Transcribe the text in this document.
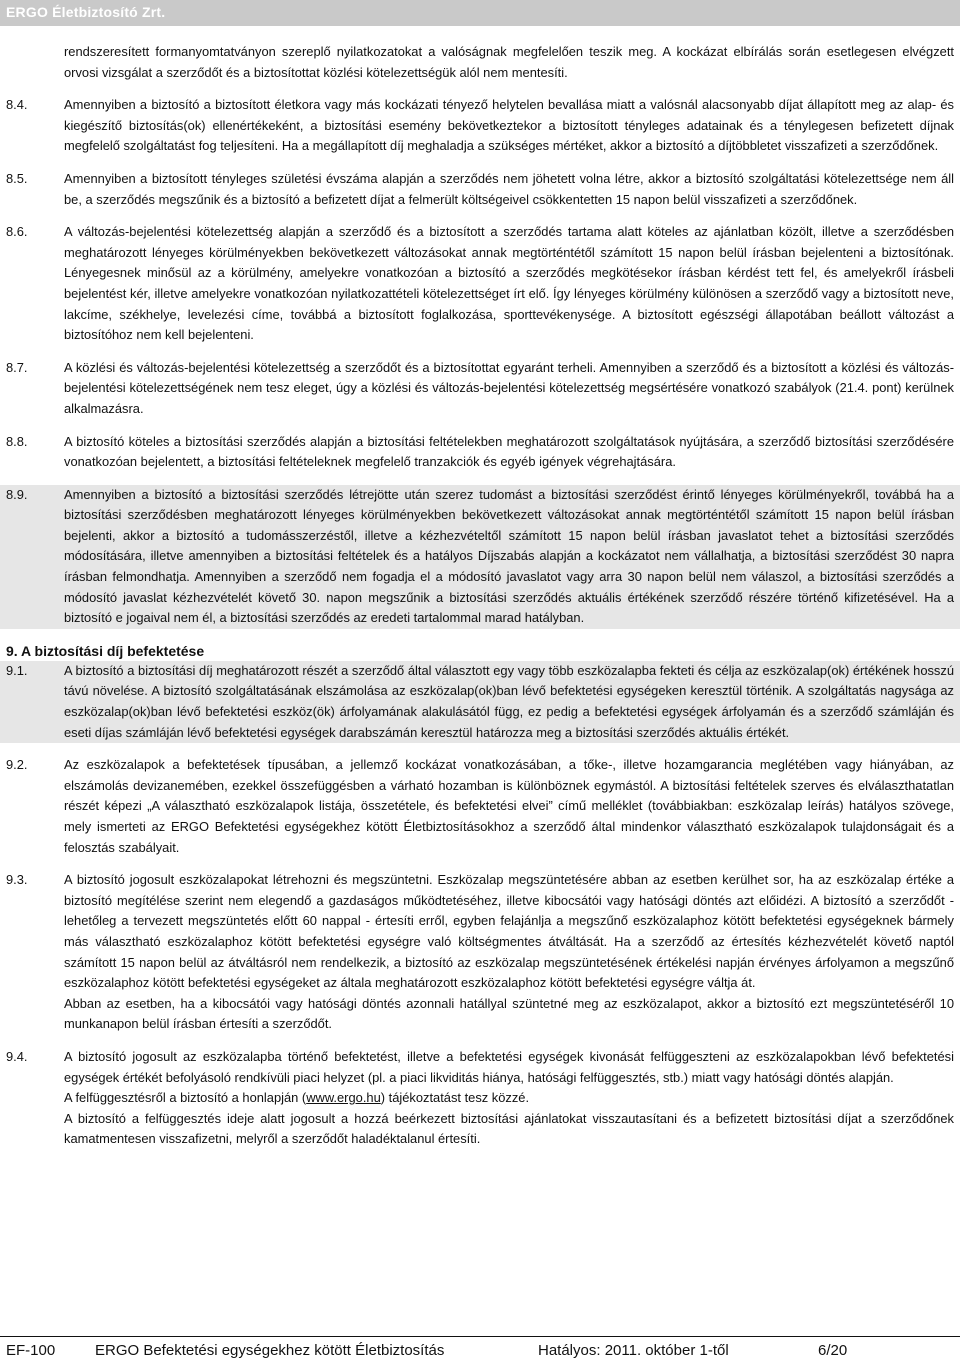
ERGO Életbiztosító Zrt.
rendszeresített formanyomtatványon szereplő nyilatkozatokat a valóságnak megfelelően teszik meg. A kockázat elbírálás során esetlegesen elvégzett orvosi vizsgálat a szerződőt és a biztosítottat közlési kötelezettségük alól nem mentesíti.
8.4.	Amennyiben a biztosító a biztosított életkora vagy más kockázati tényező helytelen bevallása miatt a valósnál alacsonyabb díjat állapított meg az alap- és kiegészítő biztosítás(ok) ellenértékeként, a biztosítási esemény bekövetkeztekor a biztosított tényleges adatainak és a ténylegesen befizetett díjnak megfelelő szolgáltatást fog teljesíteni. Ha a megállapított díj meghaladja a szükséges mértéket, akkor a biztosító a díjtöbbletet visszafizeti a szerződőnek.
8.5.	Amennyiben a biztosított tényleges születési évszáma alapján a szerződés nem jöhetett volna létre, akkor a biztosító szolgáltatási kötelezettsége nem áll be, a szerződés megszűnik és a biztosító a befizetett díjat a felmerült költségeivel csökkentetten 15 napon belül visszafizeti a szerződőnek.
8.6.	A változás-bejelentési kötelezettség alapján a szerződő és a biztosított a szerződés tartama alatt köteles az ajánlatban közölt, illetve a szerződésben meghatározott lényeges körülményekben bekövetkezett változásokat annak megtörténtétől számított 15 napon belül írásban bejelenteni a biztosítónak. Lényegesnek minősül az a körülmény, amelyekre vonatkozóan a biztosító a szerződés megkötésekor írásban kérdést tett fel, és amelyekről írásbeli bejelentést kér, illetve amelyekre vonatkozóan nyilatkozattételi kötelezettséget írt elő. Így lényeges körülmény különösen a szerződő vagy a biztosított neve, lakcíme, székhelye, levelezési címe, továbbá a biztosított foglalkozása, sporttevékenysége. A biztosított egészségi állapotában beállott változást a biztosítóhoz nem kell bejelenteni.
8.7.	A közlési és változás-bejelentési kötelezettség a szerződőt és a biztosítottat egyaránt terheli. Amennyiben a szerződő és a biztosított a közlési és változás-bejelentési kötelezettségének nem tesz eleget, úgy a közlési és változás-bejelentési kötelezettség megsértésére vonatkozó szabályok (21.4. pont) kerülnek alkalmazásra.
8.8.	A biztosító köteles a biztosítási szerződés alapján a biztosítási feltételekben meghatározott szolgáltatások nyújtására, a szerződő biztosítási szerződésére vonatkozóan bejelentett, a biztosítási feltételeknek megfelelő tranzakciók és egyéb igények végrehajtására.
8.9.	Amennyiben a biztosító a biztosítási szerződés létrejötte után szerez tudomást a biztosítási szerződést érintő lényeges körülményekről, továbbá ha a biztosítási szerződésben meghatározott lényeges körülményekben bekövetkezett változásokat annak megtörténtétől számított 15 napon belül írásban bejelenti, akkor a biztosító a tudomásszerzéstől, illetve a kézhezvételtől számított 15 napon belül írásban javaslatot tehet a biztosítási szerződés módosítására, illetve amennyiben a biztosítási feltételek és a hatályos Díjszabás alapján a kockázatot nem vállalhatja, a biztosítási szerződést 30 napra írásban felmondhatja. Amennyiben a szerződő nem fogadja el a módosító javaslatot vagy arra 30 napon belül nem válaszol, a biztosítási szerződés a módosító javaslat kézhezvételét követő 30. napon megszűnik a biztosítási szerződés aktuális értékének szerződő részére történő kifizetésével. Ha a biztosító e jogaival nem él, a biztosítási szerződés az eredeti tartalommal marad hatályban.
9. A biztosítási díj befektetése
9.1.	A biztosító a biztosítási díj meghatározott részét a szerződő által választott egy vagy több eszközalapba fekteti és célja az eszközalap(ok) értékének hosszú távú növelése. A biztosító szolgáltatásának elszámolása az eszközalap(ok)ban lévő befektetési egységeken keresztül történik. A szolgáltatás nagysága az eszközalap(ok)ban lévő befektetési eszköz(ök) árfolyamának alakulásától függ, ez pedig a befektetési egységek árfolyamán és a szerződő számláján és eseti díjas számláján lévő befektetési egységek darabszámán keresztül határozza meg a biztosítási szerződés aktuális értékét.
9.2.	Az eszközalapok a befektetések típusában, a jellemző kockázat vonatkozásában, a tőke-, illetve hozamgarancia meglétében vagy hiányában, az elszámolás devizanemében, ezekkel összefüggésben a várható hozamban is különböznek egymástól. A biztosítási feltételek szerves és elválaszthatatlan részét képezi „A választható eszközalapok listája, összetétele, és befektetési elvei” című melléklet (továbbiakban: eszközalap leírás) hatályos szövege, mely ismerteti az ERGO Befektetési egységekhez kötött Életbiztosításokhoz a szerződő által mindenkor választható eszközalapok tulajdonságait és a felosztás szabályait.
9.3.	A biztosító jogosult eszközalapokat létrehozni és megszüntetni. Eszközalap megszüntetésére abban az esetben kerülhet sor, ha az eszközalap értéke a biztosító megítélése szerint nem elegendő a gazdaságos működtetéséhez, illetve kibocsátói vagy hatósági döntés azt előidézi. A biztosító a szerződőt - lehetőleg a tervezett megszüntetés előtt 60 nappal - értesíti erről, egyben felajánlja a megszűnő eszközalaphoz kötött befektetési egységeknek bármely más választható eszközalaphoz kötött befektetési egységre való költségmentes átváltását. Ha a szerződő az értesítés kézhezvételét követő naptól számított 15 napon belül az átváltásról nem rendelkezik, a biztosító az eszközalap megszüntetésének értékelési napján érvényes árfolyamon a megszűnő eszközalaphoz kötött befektetési egységeket az általa meghatározott eszközalaphoz kötött befektetési egységre váltja át.
Abban az esetben, ha a kibocsátói vagy hatósági döntés azonnali hatállyal szüntetné meg az eszközalapot, akkor a biztosító ezt megszüntetéséről 10 munkanapon belül írásban értesíti a szerződőt.
9.4.	A biztosító jogosult az eszközalapba történő befektetést, illetve a befektetési egységek kivonását felfüggeszteni az eszközalapokban lévő befektetési egységek értékét befolyásoló rendkívüli piaci helyzet (pl. a piaci likviditás hiánya, hatósági felfüggesztés, stb.) miatt vagy hatósági döntés alapján.
A felfüggesztésről a biztosító a honlapján (www.ergo.hu) tájékoztatást tesz közzé.
A biztosító a felfüggesztés ideje alatt jogosult a hozzá beérkezett biztosítási ajánlatokat visszautasítani és a befizetett biztosítási díjat a szerződőnek kamatmentesen visszafizetni, melyről a szerződőt haladéktalanul értesíti.
EF-100	ERGO Befektetési egységekhez kötött Életbiztosítás	Hatályos: 2011. október 1-től	6/20
